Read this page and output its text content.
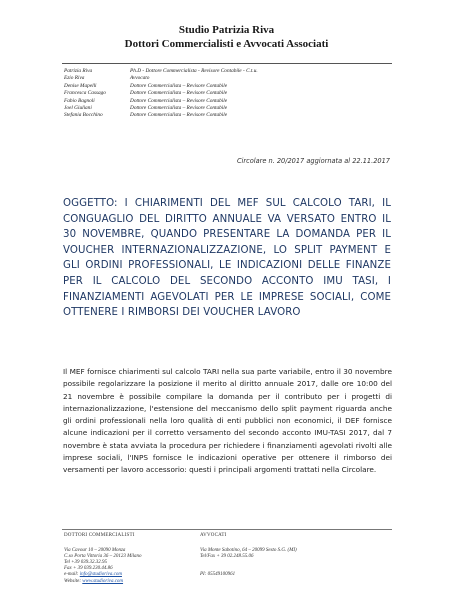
Studio Patrizia Riva
Dottori Commercialisti e Avvocati Associati
Patrizia Riva	Ph.D - Dottore Commercialista - Revisore Contabile - C.t.u.
Ezio Riva	Avvocato
Denise Mapelli	Dottore Commercialista – Revisore Contabile
Francesca Cassago	Dottore Commercialista – Revisore Contabile
Fabio Bagnoli	Dottore Commercialista – Revisore Contabile
Joel Giuliani	Dottore Commercialista – Revisore Contabile
Stefania Bocchino	Dottore Commercialista – Revisore Contabile
Circolare n. 20/2017 aggiornata al 22.11.2017
OGGETTO: I CHIARIMENTI DEL MEF SUL CALCOLO TARI, IL CONGUAGLIO DEL DIRITTO ANNUALE VA VERSATO ENTRO IL 30 NOVEMBRE, QUANDO PRESENTARE LA DOMANDA PER IL VOUCHER INTERNAZIONALIZZAZIONE, LO SPLIT PAYMENT E GLI ORDINI PROFESSIONALI, LE INDICAZIONI DELLE FINANZE PER IL CALCOLO DEL SECONDO ACCONTO IMU TASI, I FINANZIAMENTI AGEVOLATI PER LE IMPRESE SOCIALI, COME OTTENERE I RIMBORSI DEI VOUCHER LAVORO
Il MEF fornisce chiarimenti sul calcolo TARI nella sua parte variabile, entro il 30 novembre possibile regolarizzare la posizione il merito al diritto annuale 2017, dalle ore 10:00 del 21 novembre è possibile compilare la domanda per il contributo per i progetti di internazionalizzazione, l'estensione del meccanismo dello split payment riguarda anche gli ordini professionali nella loro qualità di enti pubblici non economici, il DEF fornisce alcune indicazioni per il corretto versamento del secondo acconto IMU-TASI 2017, dal 7 novembre è stata avviata la procedura per richiedere i finanziamenti agevolati rivolti alle imprese sociali, l'INPS fornisce le indicazioni operative per ottenere il rimborso dei versamenti per lavoro accessorio: questi i principali argomenti trattati nella Circolare.
DOTTORI COMMERCIALISTI
Via Cavour 10 – 20090 Monza
C.so Porta Vittoria 36 – 20123 Milano
Tel +39 039.32.32.95
Fax + 39 039.230.44.86
e-mail: info@studioriva.com
Website: www.studioriva.com
AVVOCATI
Via Monte Sabotino, 64 – 20099 Sesto S.G. (MI)
Tel/Fax + 39 02.248.55.06
PI: 05549100961
